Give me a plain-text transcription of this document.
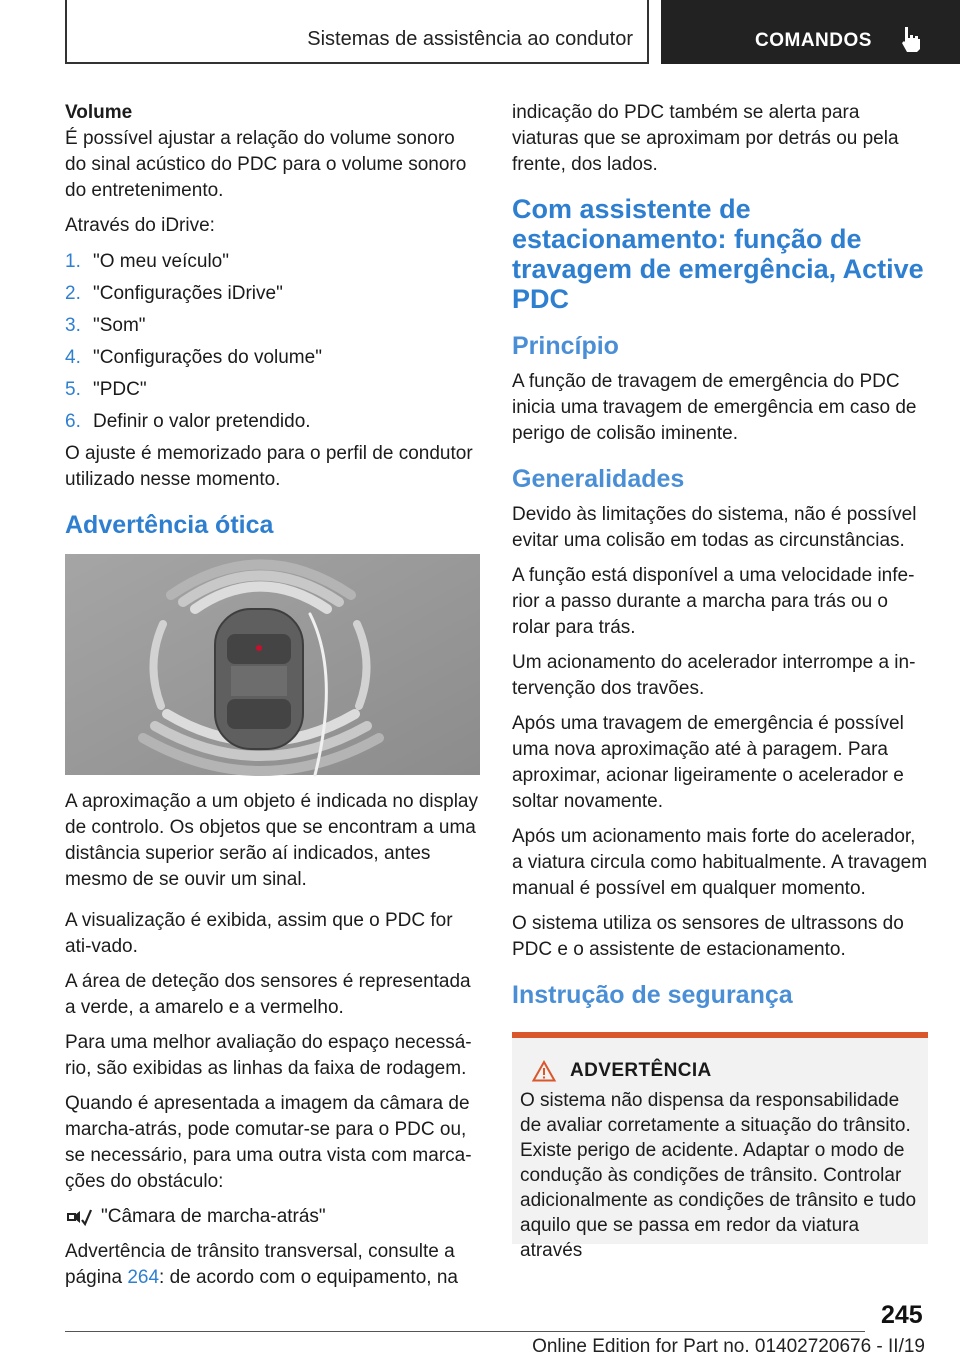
Sistemas de assistência ao condutor	COMANDOS

Volume

É possível ajustar a relação do volume sonoro do sinal acústico do PDC para o volume sonoro do entretenimento.

Através do iDrive:

1. "O meu veículo"
2. "Configurações iDrive"
3. "Som"
4. "Configurações do volume"
5. "PDC"
6. Definir o valor pretendido.

O ajuste é memorizado para o perfil de condutor utilizado nesse momento.

Advertência ótica

A aproximação a um objeto é indicada no display de controlo. Os objetos que se encontram a uma distância superior serão aí indicados, antes mesmo de se ouvir um sinal.

A visualização é exibida, assim que o PDC for ati-vado.

A área de deteção dos sensores é representada a verde, a amarelo e a vermelho.

Para uma melhor avaliação do espaço necessá-rio, são exibidas as linhas da faixa de rodagem.

Quando é apresentada a imagem da câmara de marcha-atrás, pode comutar-se para o PDC ou, se necessário, para uma outra vista com marca-ções do obstáculo:

"Câmara de marcha-atrás"

Advertência de trânsito transversal, consulte a página 264: de acordo com o equipamento, na

indicação do PDC também se alerta para viaturas que se aproximam por detrás ou pela frente, dos lados.

Com assistente de estacionamento: função de travagem de emergência, Active PDC
Princípio

A função de travagem de emergência do PDC inicia uma travagem de emergência em caso de perigo de colisão iminente.

Generalidades

Devido às limitações do sistema, não é possível evitar uma colisão em todas as circunstâncias.

A função está disponível a uma velocidade infe-rior a passo durante a marcha para trás ou o rolar para trás.

Um acionamento do acelerador interrompe a in-tervenção dos travões.

Após uma travagem de emergência é possível uma nova aproximação até à paragem. Para aproximar, acionar ligeiramente o acelerador e soltar novamente.

Após um acionamento mais forte do acelerador, a viatura circula como habitualmente. A travagem manual é possível em qualquer momento.

O sistema utiliza os sensores de ultrassons do PDC e o assistente de estacionamento.

Instrução de segurança
ADVERTÊNCIA

O sistema não dispensa da responsabilidade de avaliar corretamente a situação do trânsito. Existe perigo de acidente. Adaptar o modo de condução às condições de trânsito. Controlar adicionalmente as condições de trânsito e tudo aquilo que se passa em redor da viatura através

245
Online Edition for Part no. 01402720676 - II/19
